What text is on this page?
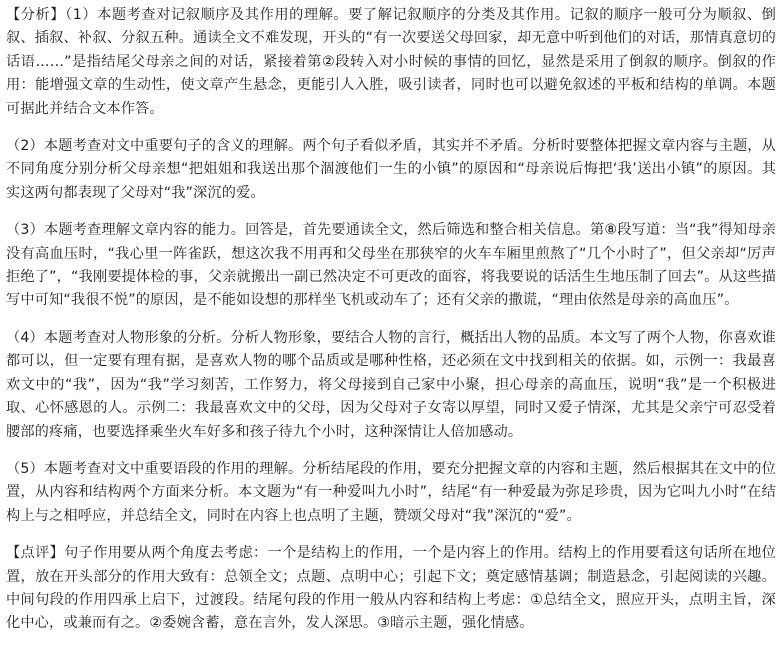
【分析】（1）本题考查对记叙顺序及其作用的理解。要了解记叙顺序的分类及其作用。记叙的顺序一般可分为顺叙、倒叙、插叙、补叙、分叙五种。通读全文不难发现，开头的“有一次要送父母回家，却无意中听到他们的对话，那情真意切的话语……”是指结尾父母亲之间的对话，紧接着第②段转入对小时候的事情的回忆，显然是采用了倒叙的顺序。倒叙的作用：能增强文章的生动性，使文章产生悬念，更能引人入胜，吸引读者，同时也可以避免叙述的平板和结构的单调。本题可据此并结合文本作答。

（2）本题考查对文中重要句子的含义的理解。两个句子看似矛盾，其实并不矛盾。分析时要整体把握文章内容与主题，从不同角度分别分析父母亲想“把姐姐和我送出那个涸渡他们一生的小镇”的原因和“母亲说后悔把‘我’送出小镇”的原因。其实这两句都表现了父母对“我”深沉的爱。

（3）本题考查理解文章内容的能力。回答是，首先要通读全文，然后筛选和整合相关信息。第⑧段写道：当“我”得知母亲没有高血压时，“我心里一阵雀跃，想这次我不用再和父母坐在那狭窄的火车车厢里煎熬了“几个小时了”，但父亲却“厉声拒绝了”，“我刚要提体检的事，父亲就搬出一副已然决定不可更改的面容，将我要说的话活生生地压制了回去”。从这些描写中可知“我很不悦”的原因，是不能如设想的那样坐飞机或动车了；还有父亲的撒谎，“理由依然是母亲的高血压”。

（4）本题考查对人物形象的分析。分析人物形象，要结合人物的言行，概括出人物的品质。本文写了两个人物，你喜欢谁都可以，但一定要有理有据，是喜欢人物的哪个品质或是哪种性格，还必须在文中找到相关的依据。如，示例一：我最喜欢文中的“我”，因为“我”学习刻苦，工作努力，将父母接到自己家中小聚，担心母亲的高血压，说明“我”是一个积极进取、心怀感恩的人。示例二：我最喜欢文中的父母，因为父母对子女寄以厚望，同时又爱子情深，尤其是父亲宁可忍受着腰部的疼痛，也要选择乘坐火车好多和孩子待九个小时，这种深情让人倍加感动。

（5）本题考查对文中重要语段的作用的理解。分析结尾段的作用，要充分把握文章的内容和主题，然后根据其在文中的位置，从内容和结构两个方面来分析。本文题为“有一种爱叫九小时”，结尾“有一种爱最为弥足珍贵，因为它叫九小时”在结构上与之相呼应，并总结全文，同时在内容上也点明了主题，赞颂父母对“我”深沉的“爱”。

【点评】句子作用要从两个角度去考虑：一个是结构上的作用，一个是内容上的作用。结构上的作用要看这句话所在地位置，放在开头部分的作用大致有：总领全文；点题、点明中心；引起下文；奠定感情基调；制造悬念，引起阅读的兴趣。中间句段的作用四承上启下，过渡段。结尾句段的作用一般从内容和结构上考虑：①总结全文，照应开头，点明主旨，深化中心，或兼而有之。②委婉含蓄，意在言外，发人深思。③暗示主题，强化情感。
